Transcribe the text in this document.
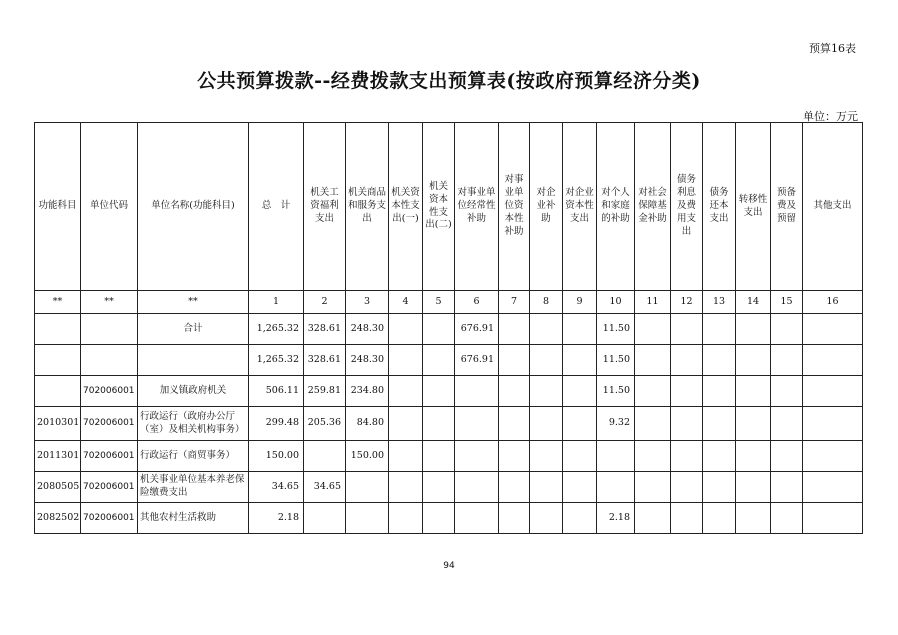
预算16表
公共预算拨款--经费拨款支出预算表(按政府预算经济分类)
单位：万元
功能科目	单位代码	单位名称(功能科目)	总　计	机关工资福利支出	机关商品和服务支出	机关资本性支出(一)	机关资本性支出(二)	对事业单位经常性补助	对事业单位资本性补助	对企业补助	对企业资本性支出	对个人和家庭的补助	对社会保障基金补助	债务利息及费用支出	债务还本支出	转移性支出	预备费及预留	其他支出
**	**	**	1	2	3	4	5	6	7	8	9	10	11	12	13	14	15	16
		合计	1,265.32	328.61	248.30			676.91				11.50						
			1,265.32	328.61	248.30			676.91				11.50						
	702006001	加义镇政府机关	506.11	259.81	234.80							11.50						
2010301	702006001	行政运行（政府办公厅（室）及相关机构事务）	299.48	205.36	84.80							9.32						
2011301	702006001	行政运行（商贸事务）	150.00		150.00													
2080505	702006001	机关事业单位基本养老保险缴费支出	34.65	34.65														
2082502	702006001	其他农村生活救助	2.18									2.18						
94
